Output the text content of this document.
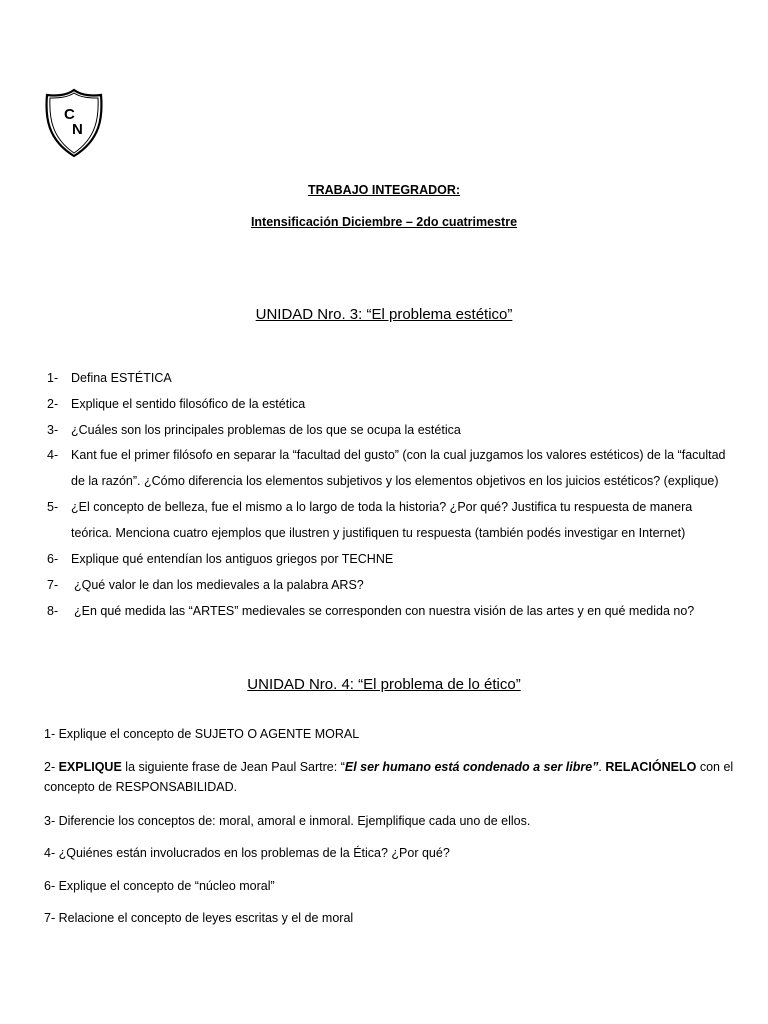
C
N
TRABAJO INTEGRADOR:
Intensificación Diciembre – 2do cuatrimestre
UNIDAD Nro. 3: “El problema estético”
1- Defina ESTÉTICA
2- Explique el sentido filosófico de la estética
3- ¿Cuáles son los principales problemas de los que se ocupa la estética
4- Kant fue el primer filósofo en separar la “facultad del gusto” (con la cual juzgamos los valores estéticos) de la “facultad
de la razón”. ¿Cómo diferencia los elementos subjetivos y los elementos objetivos en los juicios estéticos? (explique)
5- ¿El concepto de belleza, fue el mismo a lo largo de toda la historia? ¿Por qué? Justifica tu respuesta de manera
teórica. Menciona cuatro ejemplos que ilustren y justifiquen tu respuesta (también podés investigar en Internet)
6- Explique qué entendían los antiguos griegos por TECHNE
7- ¿Qué valor le dan los medievales a la palabra ARS?
8- ¿En qué medida las “ARTES” medievales se corresponden con nuestra visión de las artes y en qué medida no?
UNIDAD Nro. 4: “El problema de lo ético”
1- Explique el concepto de SUJETO O AGENTE MORAL
2- EXPLIQUE la siguiente frase de Jean Paul Sartre: “El ser humano está condenado a ser libre”. RELACIÓNELO con el
concepto de RESPONSABILIDAD.
3- Diferencie los conceptos de: moral, amoral e inmoral. Ejemplifique cada uno de ellos.
4- ¿Quiénes están involucrados en los problemas de la Ética? ¿Por qué?
6- Explique el concepto de “núcleo moral”
7- Relacione el concepto de leyes escritas y el de moral
